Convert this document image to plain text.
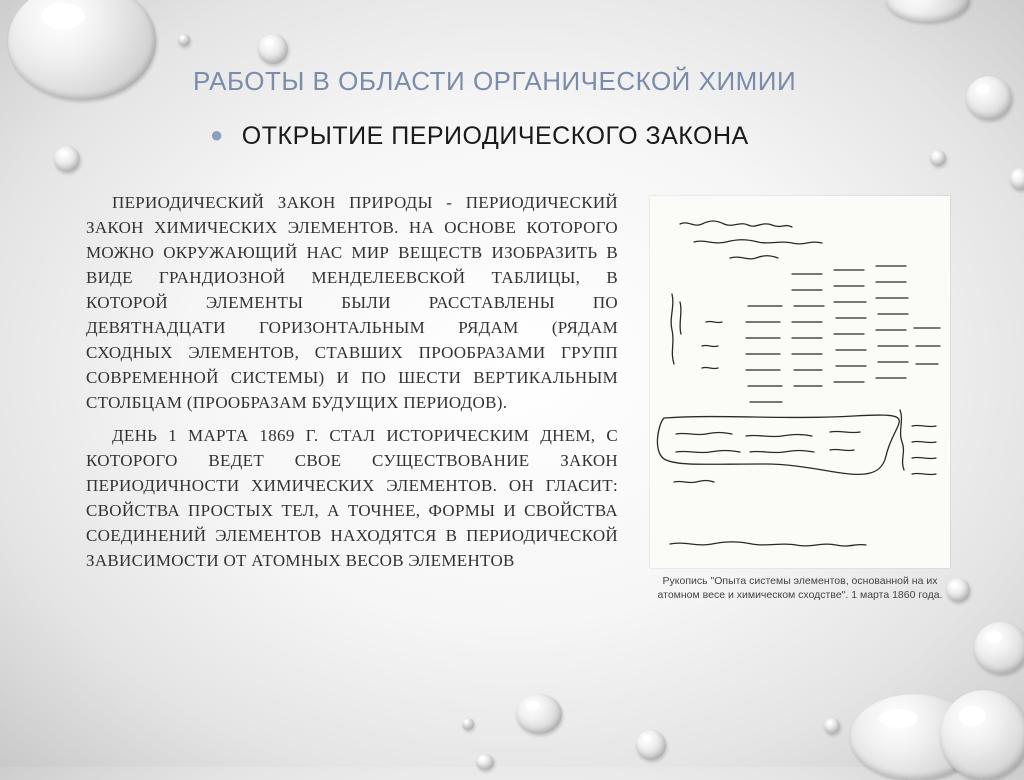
РАБОТЫ В ОБЛАСТИ ОРГАНИЧЕСКОЙ ХИМИИ
● ОТКРЫТИЕ ПЕРИОДИЧЕСКОГО ЗАКОНА

ПЕРИОДИЧЕСКИЙ ЗАКОН ПРИРОДЫ - ПЕРИОДИЧЕСКИЙ ЗАКОН ХИМИЧЕСКИХ ЭЛЕМЕНТОВ. НА ОСНОВЕ КОТОРОГО МОЖНО ОКРУЖАЮЩИЙ НАС МИР ВЕЩЕСТВ ИЗОБРАЗИТЬ В ВИДЕ ГРАНДИОЗНОЙ МЕНДЕЛЕЕВСКОЙ ТАБЛИЦЫ, В КОТОРОЙ ЭЛЕМЕНТЫ БЫЛИ РАССТАВЛЕНЫ ПО ДЕВЯТНАДЦАТИ ГОРИЗОНТАЛЬНЫМ РЯДАМ (РЯДАМ СХОДНЫХ ЭЛЕМЕНТОВ, СТАВШИХ ПРООБРАЗАМИ ГРУПП СОВРЕМЕННОЙ СИСТЕМЫ) И ПО ШЕСТИ ВЕРТИКАЛЬНЫМ СТОЛБЦАМ (ПРООБРАЗАМ БУДУЩИХ ПЕРИОДОВ).

ДЕНЬ 1 МАРТА 1869 Г. СТАЛ ИСТОРИЧЕСКИМ ДНЕМ, С КОТОРОГО ВЕДЕТ СВОЕ СУЩЕСТВОВАНИЕ ЗАКОН ПЕРИОДИЧНОСТИ ХИМИЧЕСКИХ ЭЛЕМЕНТОВ. ОН ГЛАСИТ: СВОЙСТВА ПРОСТЫХ ТЕЛ, А ТОЧНЕЕ, ФОРМЫ И СВОЙСТВА СОЕДИНЕНИЙ ЭЛЕМЕНТОВ НАХОДЯТСЯ В ПЕРИОДИЧЕСКОЙ ЗАВИСИМОСТИ ОТ АТОМНЫХ ВЕСОВ ЭЛЕМЕНТОВ

Рукопись "Опыта системы элементов, основанной на их атомном весе и химическом сходстве". 1 марта 1860 года.
